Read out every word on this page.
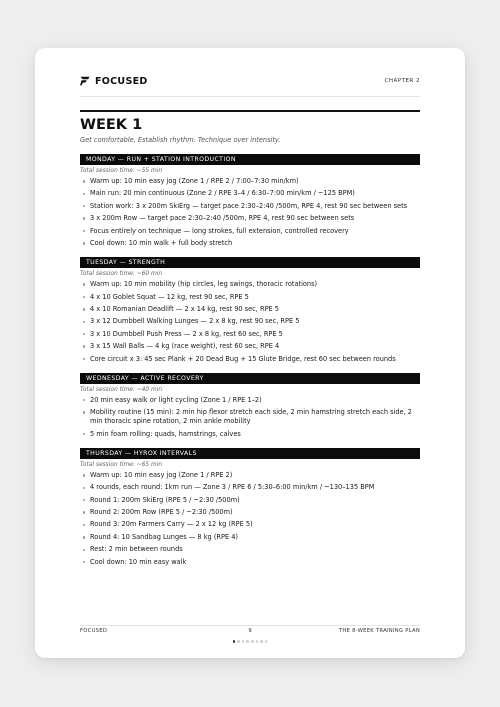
FOCUSED	CHAPTER 2
WEEK 1
Get comfortable. Establish rhythm. Technique over intensity.
MONDAY — RUN + STATION INTRODUCTION
Total session time: ~55 min
Warm up: 10 min easy jog (Zone 1 / RPE 2 / 7:00–7:30 min/km)
Main run: 20 min continuous (Zone 2 / RPE 3–4 / 6:30–7:00 min/km / ~125 BPM)
Station work: 3 x 200m SkiErg — target pace 2:30–2:40 /500m, RPE 4, rest 90 sec between sets
3 x 200m Row — target pace 2:30–2:40 /500m, RPE 4, rest 90 sec between sets
Focus entirely on technique — long strokes, full extension, controlled recovery
Cool down: 10 min walk + full body stretch
TUESDAY — STRENGTH
Total session time: ~60 min
Warm up: 10 min mobility (hip circles, leg swings, thoracic rotations)
4 x 10 Goblet Squat — 12 kg, rest 90 sec, RPE 5
4 x 10 Romanian Deadlift — 2 x 14 kg, rest 90 sec, RPE 5
3 x 12 Dumbbell Walking Lunges — 2 x 8 kg, rest 90 sec, RPE 5
3 x 10 Dumbbell Push Press — 2 x 8 kg, rest 60 sec, RPE 5
3 x 15 Wall Balls — 4 kg (race weight), rest 60 sec, RPE 4
Core circuit x 3: 45 sec Plank + 20 Dead Bug + 15 Glute Bridge, rest 60 sec between rounds
WEDNESDAY — ACTIVE RECOVERY
Total session time: ~40 min
20 min easy walk or light cycling (Zone 1 / RPE 1–2)
Mobility routine (15 min): 2 min hip flexor stretch each side, 2 min hamstring stretch each side, 2 min thoracic spine rotation, 2 min ankle mobility
5 min foam rolling: quads, hamstrings, calves
THURSDAY — HYROX INTERVALS
Total session time: ~65 min
Warm up: 10 min easy jog (Zone 1 / RPE 2)
4 rounds, each round: 1km run — Zone 3 / RPE 6 / 5:30–6:00 min/km / ~130–135 BPM
Round 1: 200m SkiErg (RPE 5 / ~2:30 /500m)
Round 2: 200m Row (RPE 5 / ~2:30 /500m)
Round 3: 20m Farmers Carry — 2 x 12 kg (RPE 5)
Round 4: 10 Sandbag Lunges — 8 kg (RPE 4)
Rest: 2 min between rounds
Cool down: 10 min easy walk
FOCUSED	9	THE 8-WEEK TRAINING PLAN
